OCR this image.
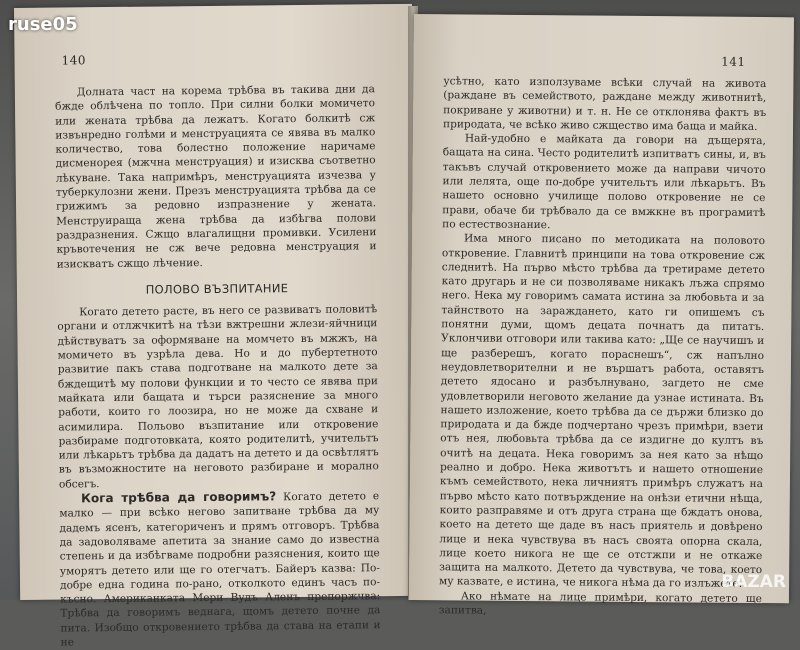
140

Долната част на корема трѣбва въ такива дни да бжде облѣчена по топло. При силни болки момичето или жената трѣбва да лежатъ. Когато болкитѣ сж извънредно голѣми и менструацията се явява въ малко количество, това болестно положение наричаме дисменорея (мжчна менструация) и изисква съответно лѣкуване. Така напримѣръ, менструацията изчезва у туберкулозни жени. Презъ менструацията трѣбва да се грижимъ за редовно изпразнение у жената. Менструираща жена трѣбва да избѣгва полови раздразнения. Сжщо влагалищни промивки. Усилени кръвотечения не сж вече редовна менструация и изискватъ сжщо лѣчение.

ПОЛОВО ВЪЗПИТАНИЕ

Когато детето расте, въ него се развиватъ половитѣ органи и отлжчкитѣ на тѣзи вжтрешни жлези-яйчници дѣйствуватъ за оформяване на момчето въ мжжъ, на момичето въ узрѣла дева. Но и до пубертетното развитие пакъ става подготване на малкото дете за бждещитѣ му полови функции и то често се явява при майката или бащата и търси разяснение за много работи, които го лоозира, но не може да схване и асимилира. Польово възпитание или откровение разбираме подготовката, която родителитѣ, учительтъ или лѣкарьтъ трѣбва да дадатъ на детето и да освѣтлятъ въ възможностите на неговото разбиране и морално обсегъ.

Кога трѣбва да говоримъ? Когато детето е малко — при всѣко негово запитване трѣбва да му дадемъ ясенъ, категориченъ и прямъ отговоръ. Трѣбва да задоволяваме апетита за знание само до известна степень и да избѣгваме подробни разяснения, които ще уморятъ детето или ще го отегчатъ. Байеръ казва: По-добре една година по-рано, отколкото единъ часъ по-късно. Американката Мери Вудъ Аленъ препоржчва: Трѣбва да говоримъ веднага, щомъ детето почне да пита. Изобщо откровението трѣбва да става на етапи и не

141

усѣтно, като използуваме всѣки случай на живота (раждане въ семейството, раждане между животнитѣ, покриване у животни) и т. н. Не се отклонява фактъ въ природата, че всѣко живо сжщество има баща и майка.

Най-удобно е майката да говори на дъщерята, бащата на сина. Често родителитѣ изпитватъ сины, и, въ такъвъ случай откровението може да направи чичото или лелята, още по-добре учительтъ или лѣкарьтъ. Въ нашето основно училище полово откровение не се прави, обаче би трѣбвало да се вмжкне въ програмитѣ по естествознание.

Има много писано по методиката на половото откровение. Главнитѣ принципи на това откровение сж следнитѣ. На първо мѣсто трѣбва да третираме детето като другарь и не си позволяваме никакъ лъжа спрямо него. Нека му говоримъ самата истина за любовьта и за тайнството на зараждането, като ги опишемъ съ понятни думи, щомъ децата почнатъ да питатъ. Уклончиви отговори или такива като: „Ще се научишъ и ще разберешъ, когато пораснешъ“, сж напълно неудовлетворителни и не вършатъ работа, оставятъ детето ядосано и разбълнувано, загдето не сме удовлетворили неговото желание да узнае истината. Въ нашето изложение, което трѣбва да се държи близко до природата и да бжде подчертано чрезъ примѣри, взети отъ нея, любовьта трѣбва да се издигне до култъ въ очитѣ на децата. Нека говоримъ за нея като за нѣщо реално и добро. Нека животътъ и нашето отношение къмъ семейството, нека личниятъ примѣръ служатъ на първо мѣсто като потвърждение на онѣзи етични нѣща, които разправяме и отъ друга страна ще бждатъ онова, което на детето ще даде въ насъ приятель и довѣрено лице и нека чувствува въ насъ своята опорна скала, лице което никога не ще се отстжпи и не откаже защита на малкото. Детето да чувствува, че това, което му казвате, е истина, че никога нѣма да го излъжете.

Ако нѣмате на лице примѣри, когато детето ще запитва,

ruse05
BAZAR
